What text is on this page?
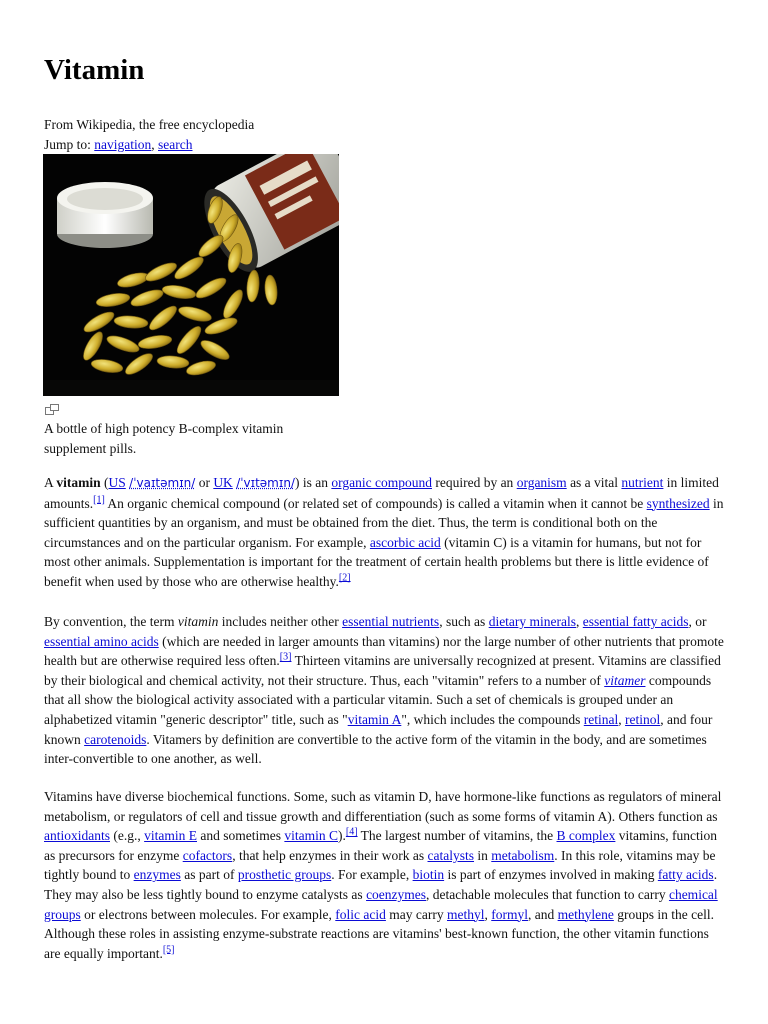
Vitamin
From Wikipedia, the free encyclopedia
Jump to: navigation, search
A bottle of high potency B-complex vitamin supplement pills.

A vitamin (US /ˈvaɪtəmɪn/ or UK /ˈvɪtəmɪn/) is an organic compound required by an organism as a vital nutrient in limited amounts.[1] An organic chemical compound (or related set of compounds) is called a vitamin when it cannot be synthesized in sufficient quantities by an organism, and must be obtained from the diet. Thus, the term is conditional both on the circumstances and on the particular organism. For example, ascorbic acid (vitamin C) is a vitamin for humans, but not for most other animals. Supplementation is important for the treatment of certain health problems but there is little evidence of benefit when used by those who are otherwise healthy.[2]

By convention, the term vitamin includes neither other essential nutrients, such as dietary minerals, essential fatty acids, or essential amino acids (which are needed in larger amounts than vitamins) nor the large number of other nutrients that promote health but are otherwise required less often.[3] Thirteen vitamins are universally recognized at present. Vitamins are classified by their biological and chemical activity, not their structure. Thus, each "vitamin" refers to a number of vitamer compounds that all show the biological activity associated with a particular vitamin. Such a set of chemicals is grouped under an alphabetized vitamin "generic descriptor" title, such as "vitamin A", which includes the compounds retinal, retinol, and four known carotenoids. Vitamers by definition are convertible to the active form of the vitamin in the body, and are sometimes inter-convertible to one another, as well.

Vitamins have diverse biochemical functions. Some, such as vitamin D, have hormone-like functions as regulators of mineral metabolism, or regulators of cell and tissue growth and differentiation (such as some forms of vitamin A). Others function as antioxidants (e.g., vitamin E and sometimes vitamin C).[4] The largest number of vitamins, the B complex vitamins, function as precursors for enzyme cofactors, that help enzymes in their work as catalysts in metabolism. In this role, vitamins may be tightly bound to enzymes as part of prosthetic groups. For example, biotin is part of enzymes involved in making fatty acids. They may also be less tightly bound to enzyme catalysts as coenzymes, detachable molecules that function to carry chemical groups or electrons between molecules. For example, folic acid may carry methyl, formyl, and methylene groups in the cell. Although these roles in assisting enzyme-substrate reactions are vitamins' best-known function, the other vitamin functions are equally important.[5]
